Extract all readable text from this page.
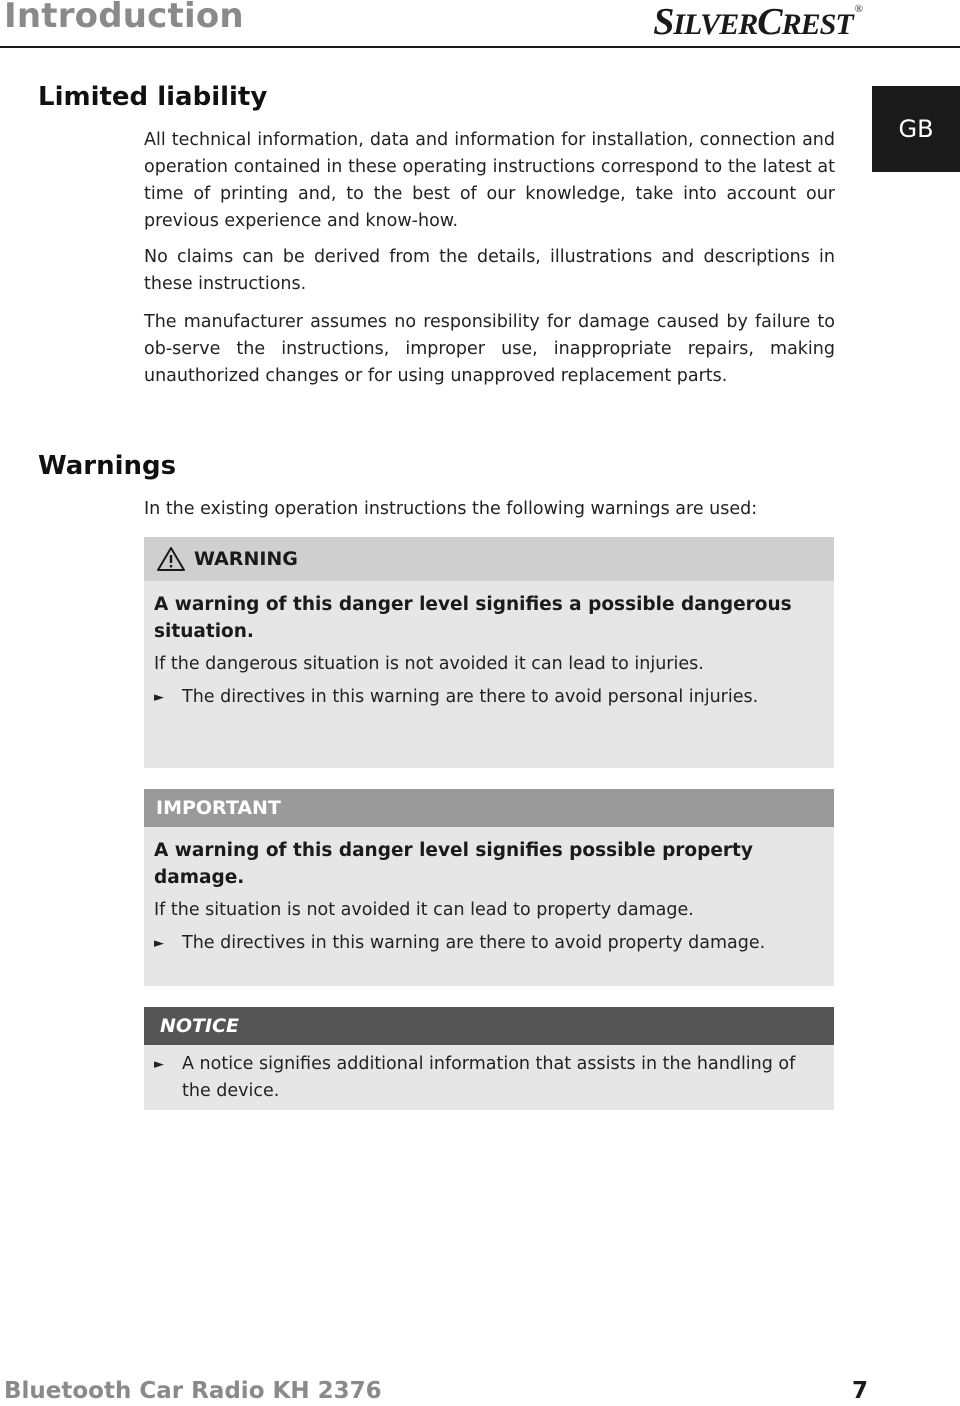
Introduction	SILVERCREST ®
GB
Limited liability

All technical information, data and information for installation, connection and operation contained in these operating instructions correspond to the latest at time of printing and, to the best of our knowledge, take into account our previous experience and know-how.

No claims can be derived from the details, illustrations and descriptions in these instructions.

The manufacturer assumes no responsibility for damage caused by failure to ob-serve the instructions, improper use, inappropriate repairs, making unauthorized changes or for using unapproved replacement parts.

Warnings

In the existing operation instructions the following warnings are used:

WARNING

A warning of this danger level signifies a possible dangerous situation.

If the dangerous situation is not avoided it can lead to injuries.

►	The directives in this warning are there to avoid personal injuries.
IMPORTANT

A warning of this danger level signifies possible property damage.

If the situation is not avoided it can lead to property damage.

►	The directives in this warning are there to avoid property damage.
NOTICE
►	A notice signifies additional information that assists in the handling of the device.
Bluetooth Car Radio KH 2376	7
